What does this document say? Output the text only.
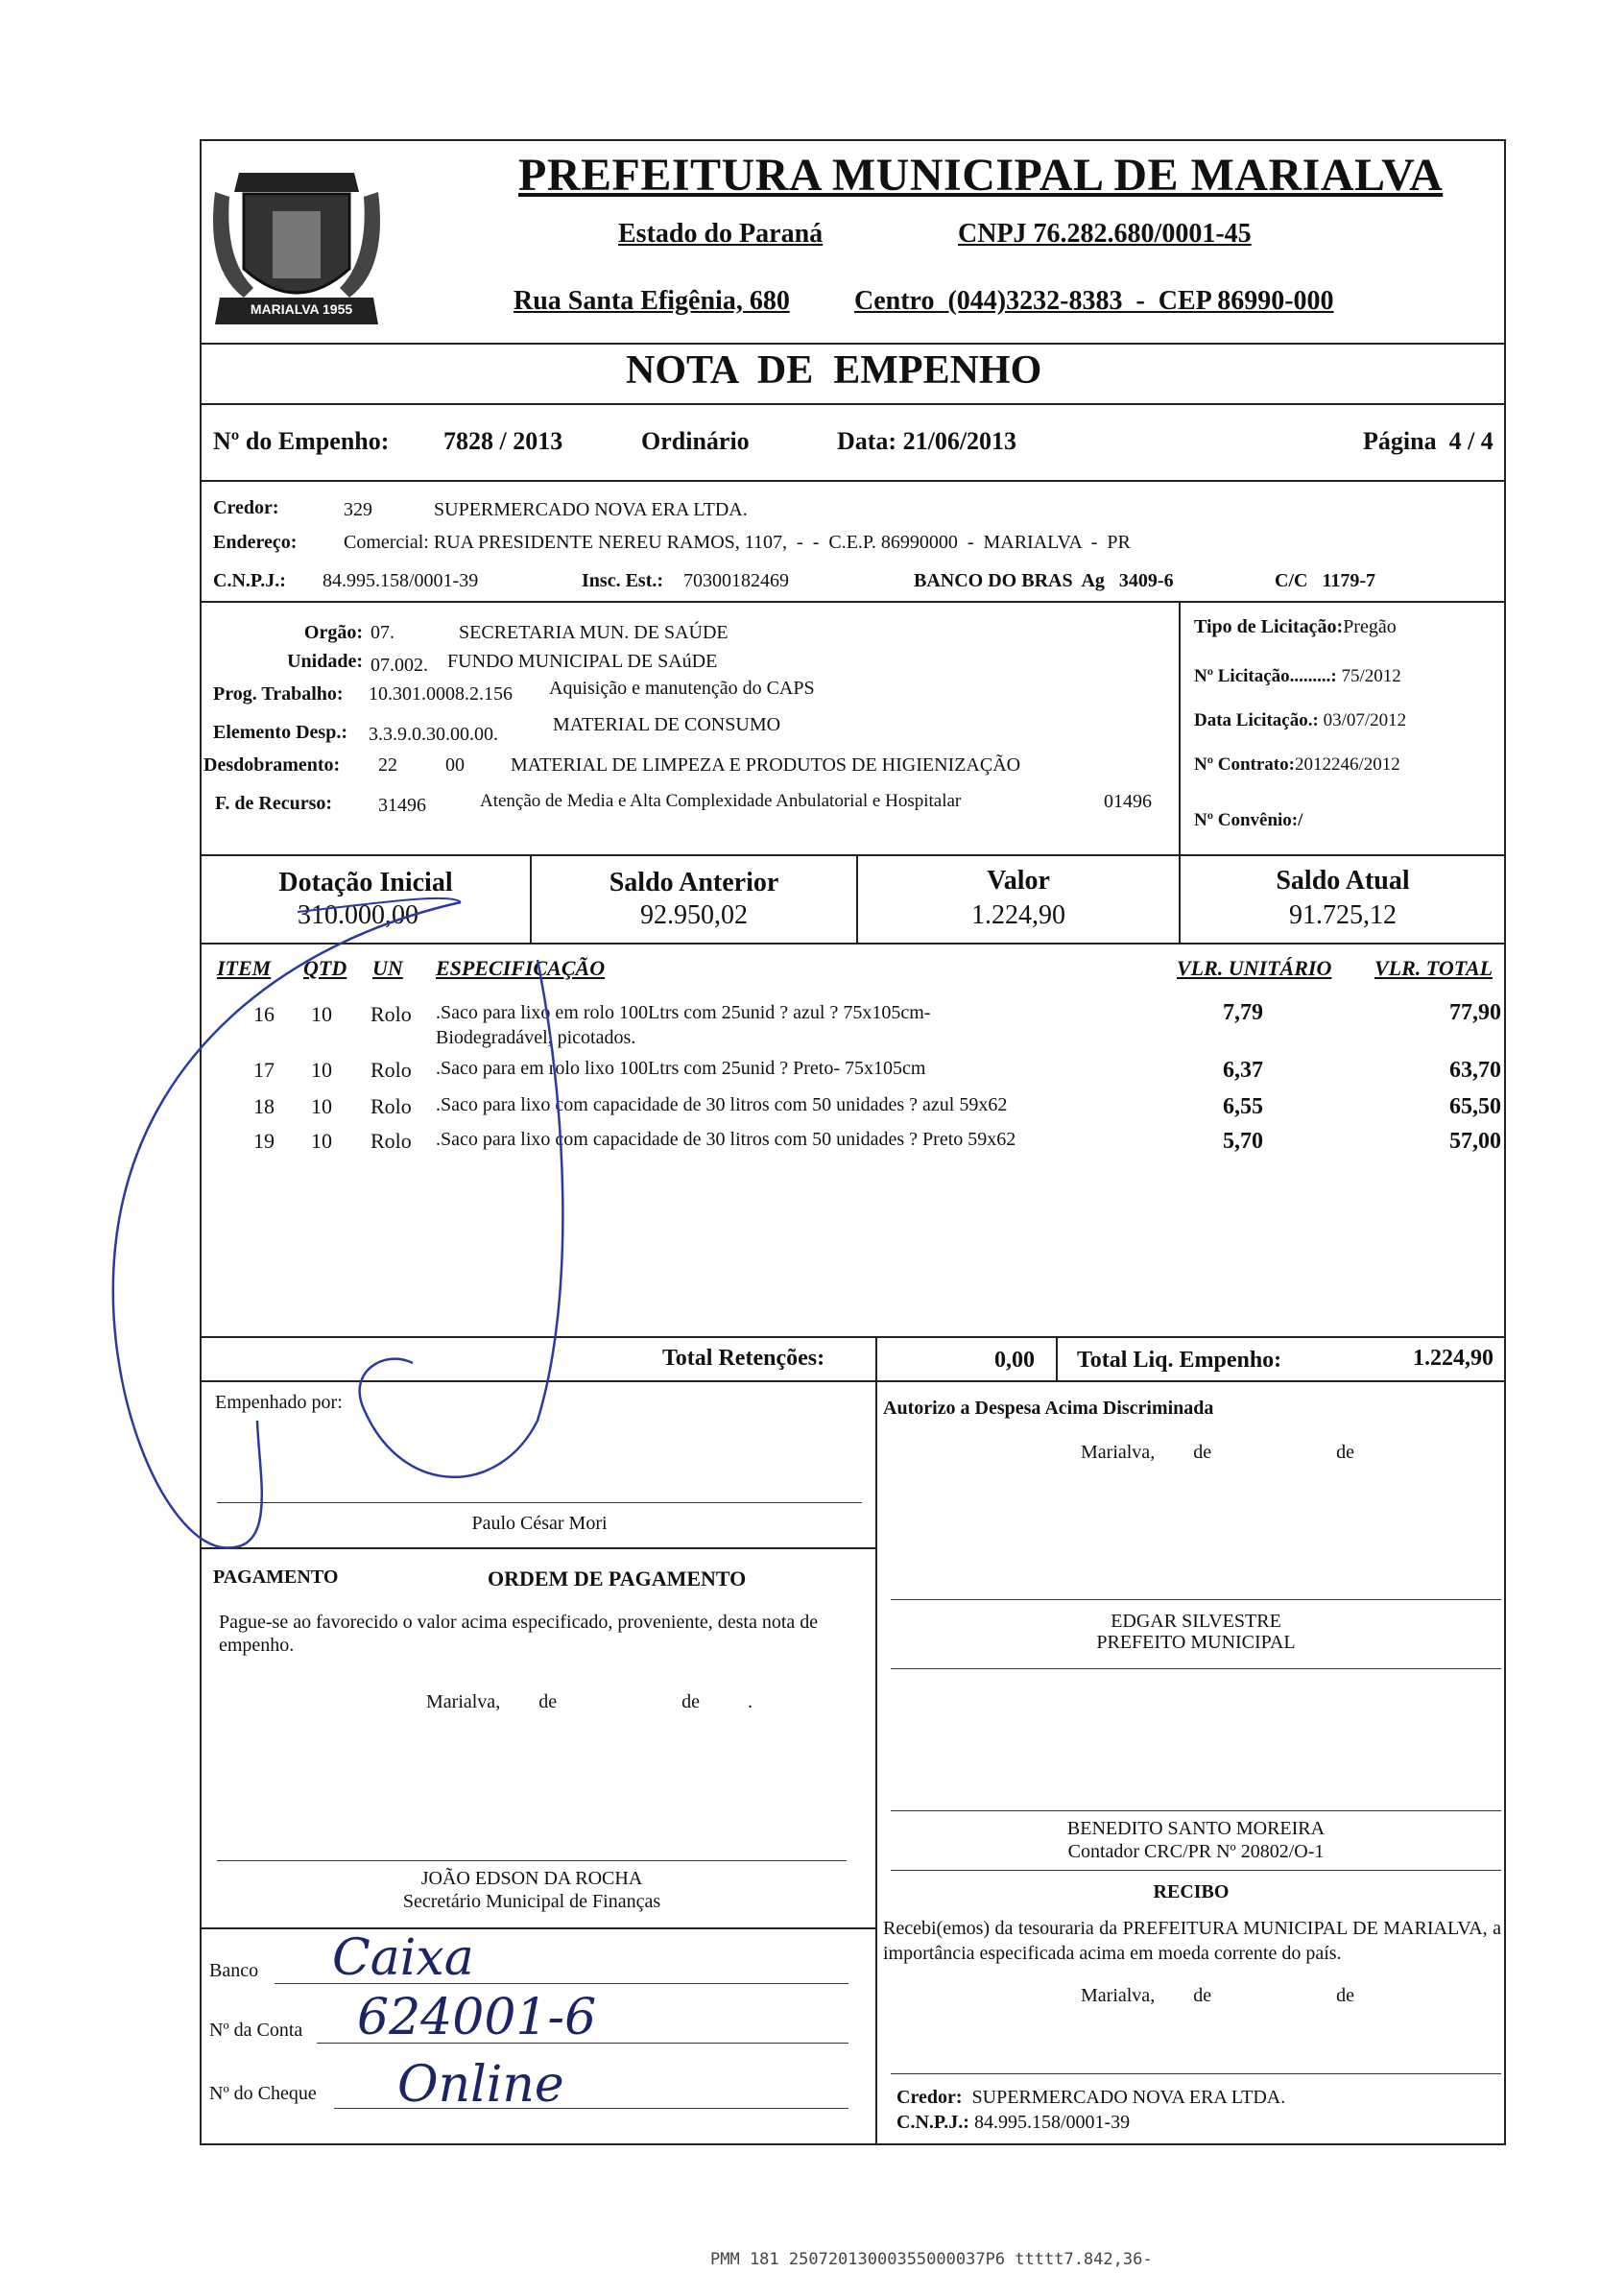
MARIALVA 1955
PREFEITURA MUNICIPAL DE MARIALVA
Estado do Paraná	CNPJ 76.282.680/0001-45
Rua Santa Efigênia, 680 Centro  (044)3232-8383  -  CEP 86990-000
NOTA  DE  EMPENHO
Nº do Empenho: 7828 / 2013	Ordinário	Data: 21/06/2013	Página  4 / 4
Credor:	329	SUPERMERCADO NOVA ERA LTDA.
Endereço: Comercial: RUA PRESIDENTE NEREU RAMOS, 1107,  -  -  C.E.P. 86990000  -  MARIALVA  -  PR
C.N.P.J.: 84.995.158/0001-39	Insc. Est.: 70300182469	BANCO DO BRAS  Ag   3409-6	C/C   1179-7
Orgão: 07.	SECRETARIA MUN. DE SAÚDE
Unidade: 07.002. FUNDO MUNICIPAL DE SAúDE
Prog. Trabalho: 10.301.0008.2.156 Aquisição e manutenção do CAPS
Elemento Desp.: 3.3.9.0.30.00.00.	MATERIAL DE CONSUMO
Desdobramento: 22	00 MATERIAL DE LIMPEZA E PRODUTOS DE HIGIENIZAÇÃO
F. de Recurso: 31496	Atenção de Media e Alta Complexidade Anbulatorial e Hospitalar	01496
Tipo de Licitação:Pregão
Nº Licitação.........: 75/2012
Data Licitação.: 03/07/2012
Nº Contrato:2012246/2012
Nº Convênio:/
Dotação Inicial
310.000,00
Saldo Anterior
92.950,02
Valor
1.224,90
Saldo Atual
91.725,12
ITEM QTD UN ESPECIFICAÇÃO	VLR. UNITÁRIO VLR. TOTAL
16 10 Rolo .Saco para lixo em rolo 100Ltrs com 25unid ? azul ? 75x105cm-
Biodegradável, picotados.
7,79	77,90
17 10 Rolo .Saco para em rolo lixo 100Ltrs com 25unid ? Preto- 75x105cm	6,37	63,70
18 10 Rolo .Saco para lixo com capacidade de 30 litros com 50 unidades ? azul 59x62	6,55	65,50
19 10 Rolo .Saco para lixo com capacidade de 30 litros com 50 unidades ? Preto 59x62	5,70	57,00
Total Retenções:	0,00 Total Liq. Empenho:	1.224,90
Empenhado por:
Paulo César Mori
Autorizo a Despesa Acima Discriminada
Marialva,        de                          de
PAGAMENTO	ORDEM DE PAGAMENTO
Pague-se ao favorecido o valor acima especificado, proveniente, desta nota de empenho.
Marialva,        de                          de          .
EDGAR SILVESTRE
PREFEITO MUNICIPAL
BENEDITO SANTO MOREIRA
Contador CRC/PR Nº 20802/O-1
JOÃO EDSON DA ROCHA
Secretário Municipal de Finanças	RECIBO
Recebi(emos) da tesouraria da PREFEITURA MUNICIPAL DE MARIALVA, a importância especificada acima em moeda corrente do país.
Marialva,        de                          de
Banco Caixa
Nº da Conta 624001-6
Nº do Cheque Online	Credor: SUPERMERCADO NOVA ERA LTDA.
C.N.P.J.: 84.995.158/0001-39
PMM 181 25072013000355000037P6 ttttt7.842,36-
